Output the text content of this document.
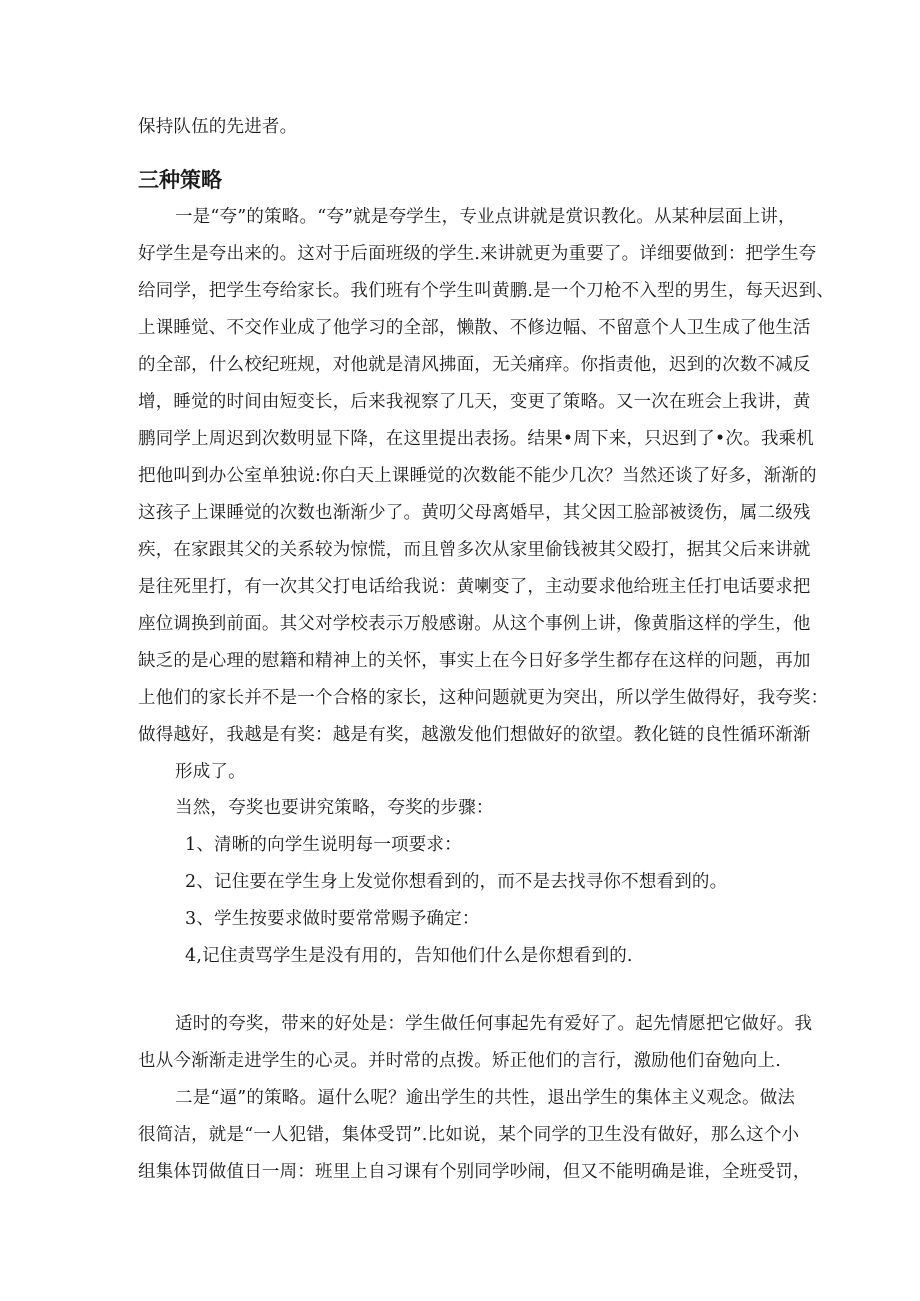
保持队伍的先进者。
三种策略
一是“夸”的策略。“夸”就是夸学生，专业点讲就是赏识教化。从某种层面上讲，
好学生是夸出来的。这对于后面班级的学生.来讲就更为重要了。详细要做到：把学生夸
给同学，把学生夸给家长。我们班有个学生叫黄鹏.是一个刀枪不入型的男生，每天迟到、
上课睡觉、不交作业成了他学习的全部，懒散、不修边幅、不留意个人卫生成了他生活
的全部，什么校纪班规，对他就是清风拂面，无关痛痒。你指责他，迟到的次数不减反
增，睡觉的时间由短变长，后来我视察了几天，变更了策略。又一次在班会上我讲，黄
鹏同学上周迟到次数明显下降，在这里提出表扬。结果•周下来，只迟到了•次。我乘机
把他叫到办公室单独说:你白天上课睡觉的次数能不能少几次？当然还谈了好多，渐渐的
这孩子上课睡觉的次数也渐渐少了。黄叨父母离婚早，其父因工脸部被烫伤，属二级残
疾，在家跟其父的关系较为惊慌，而且曾多次从家里偷钱被其父殴打，据其父后来讲就
是往死里打，有一次其父打电话给我说：黄喇变了，主动要求他给班主任打电话要求把
座位调换到前面。其父对学校表示万般感谢。从这个事例上讲，像黄脂这样的学生，他
缺乏的是心理的慰籍和精神上的关怀，事实上在今日好多学生都存在这样的问题，再加
上他们的家长并不是一个合格的家长，这种问题就更为突出，所以学生做得好，我夸奖：
做得越好，我越是有奖：越是有奖，越激发他们想做好的欲望。教化链的良性循环渐渐
形成了。
当然，夸奖也要讲究策略，夸奖的步骤：
1、清晰的向学生说明每一项要求：
2、记住要在学生身上发觉你想看到的，而不是去找寻你不想看到的。
3、学生按要求做时要常常赐予确定：
4,记住责骂学生是没有用的，告知他们什么是你想看到的.
适时的夸奖，带来的好处是：学生做任何事起先有爱好了。起先情愿把它做好。我
也从今渐渐走进学生的心灵。并时常的点拨。矫正他们的言行，激励他们奋勉向上.
二是“逼”的策略。逼什么呢？逾出学生的共性，退出学生的集体主义观念。做法
很简洁，就是“一人犯错，集体受罚”.比如说，某个同学的卫生没有做好，那么这个小
组集体罚做值日一周：班里上自习课有个别同学吵闹，但又不能明确是谁，全班受罚，
